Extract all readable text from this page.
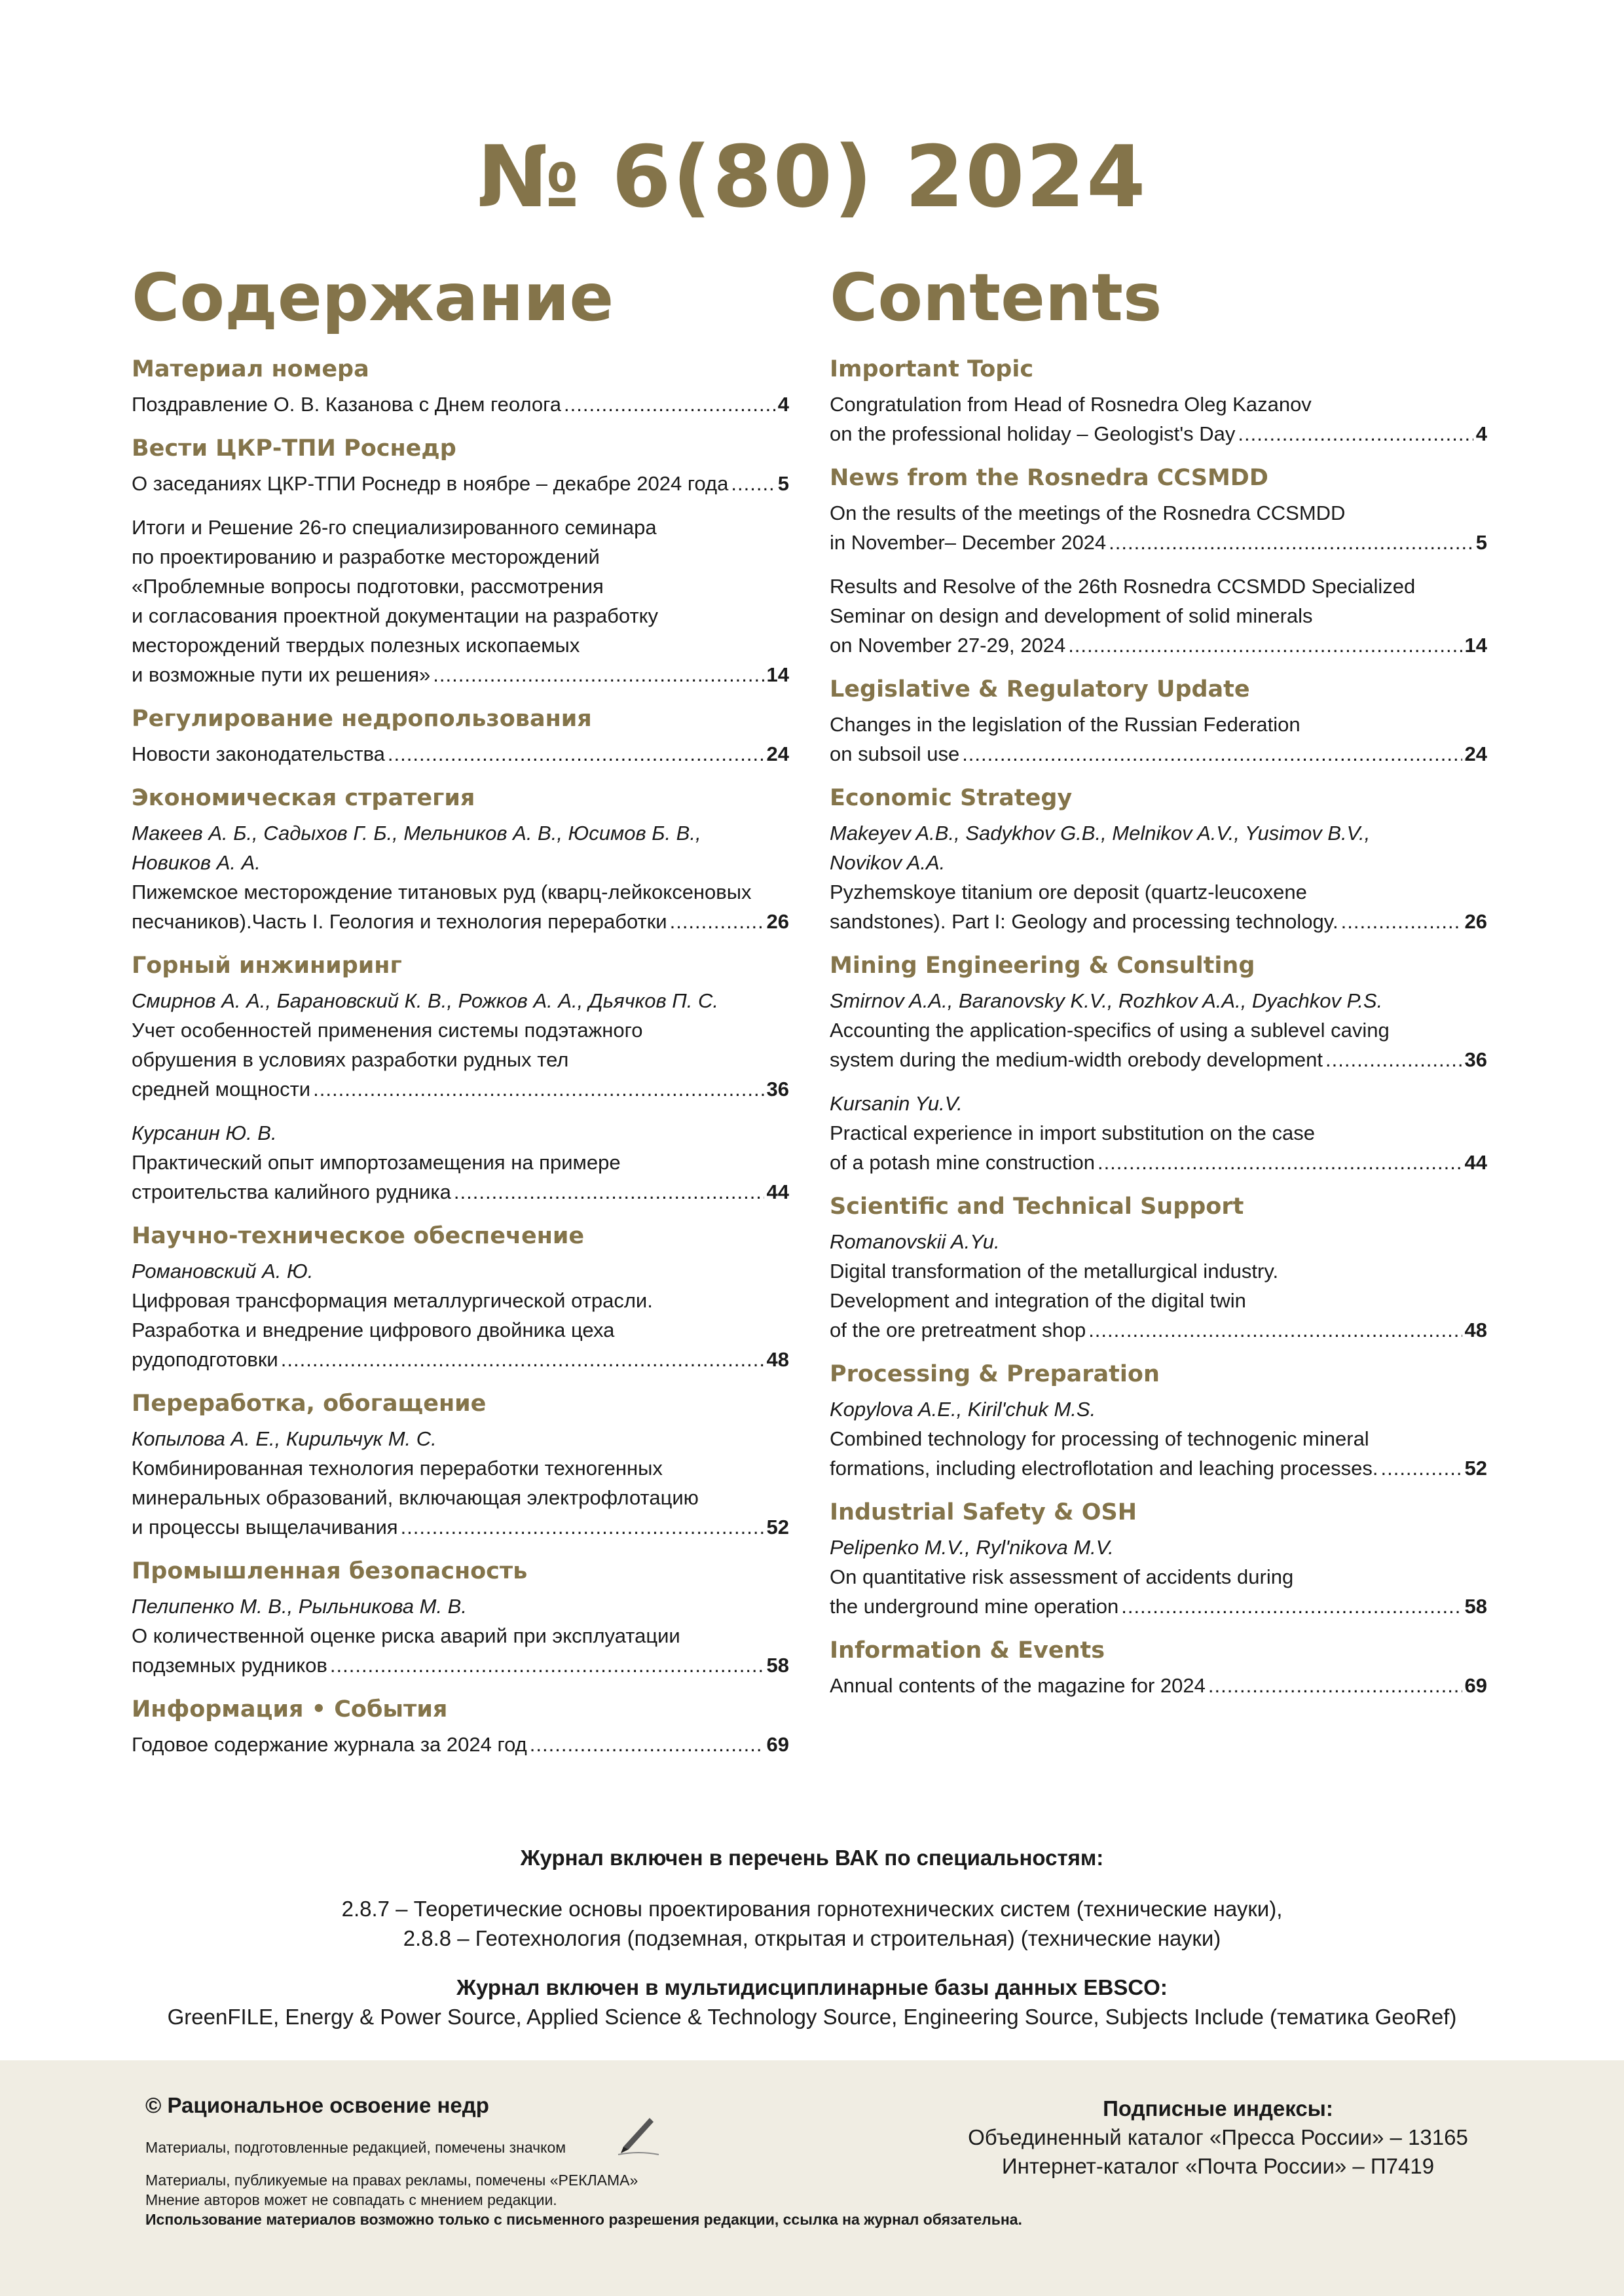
№ 6(80) 2024
Содержание
Материал номера
Поздравление О. В. Казанова с Днем геолога .....	4
Вести ЦКР-ТПИ Роснедр
О заседаниях ЦКР-ТПИ Роснедр в ноябре – декабре 2024 года ..... 5
Итоги и Решение 26-го специализированного семинара
по проектированию и разработке месторождений
«Проблемные вопросы подготовки, рассмотрения
и согласования проектной документации на разработку
месторождений твердых полезных ископаемых
и возможные пути их решения» .....	14
Регулирование недропользования
Новости законодательства .....	24
Экономическая стратегия
Макеев А. Б., Садыхов Г. Б., Мельников А. В., Юсимов Б. В.,
Новиков А. А.
Пижемское месторождение титановых руд (кварц-лейкоксеновых
песчаников).Часть I. Геология и технология переработки .....	26
Горный инжиниринг
Смирнов А. А., Барановский К. В., Рожков А. А., Дьячков П. С.
Учет особенностей применения системы подэтажного
обрушения в условиях разработки рудных тел
средней мощности .....	36
Курсанин Ю. В.
Практический опыт импортозамещения на примере
строительства калийного рудника .....	44
Научно-техническое обеспечение
Романовский А. Ю.
Цифровая трансформация металлургической отрасли.
Разработка и внедрение цифрового двойника цеха
рудоподготовки .....	48
Переработка, обогащение
Копылова А. Е., Кирильчук М. С.
Комбинированная технология переработки техногенных
минеральных образований, включающая электрофлотацию
и процессы выщелачивания .....	52
Промышленная безопасность
Пелипенко М. В., Рыльникова М. В.
О количественной оценке риска аварий при эксплуатации
подземных рудников .....	58
Информация • События
Годовое содержание журнала за 2024 год .....	69
Contents
Important Topic
Congratulation from Head of Rosnedra Oleg Kazanov
on the professional holiday – Geologist's Day .....	4
News from the Rosnedra CCSMDD
On the results of the meetings of the Rosnedra CCSMDD
in November– December 2024 .....	5
Results and Resolve of the 26th Rosnedra CCSMDD Specialized
Seminar on design and development of solid minerals
on November 27-29, 2024 .....	14
Legislative & Regulatory Update
Changes in the legislation of the Russian Federation
on subsoil use .....	24
Economic Strategy
Makeyev A.B., Sadykhov G.B., Melnikov A.V., Yusimov B.V.,
Novikov A.A.
Pyzhemskoye titanium ore deposit (quartz-leucoxene
sandstones). Part I: Geology and processing technology. .....	26
Mining Engineering & Consulting
Smirnov A.A., Baranovsky K.V., Rozhkov A.A., Dyachkov P.S.
Accounting the application-specifics of using a sublevel caving
system during the medium-width orebody development .....	36
Kursanin Yu.V.
Practical experience in import substitution on the case
of a potash mine construction .....	44
Scientific and Technical Support
Romanovskii A.Yu.
Digital transformation of the metallurgical industry.
Development and integration of the digital twin
of the ore pretreatment shop .....	48
Processing & Preparation
Kopylova A.E., Kiril'chuk M.S.
Combined technology for processing of technogenic mineral
formations, including electroflotation and leaching processes. .....	52
Industrial Safety & OSH
Pelipenko M.V., Ryl'nikova M.V.
On quantitative risk assessment of accidents during
the underground mine operation .....	58
Information & Events
Annual contents of the magazine for 2024 .....	69
Журнал включен в перечень ВАК по специальностям:
2.8.7 – Теоретические основы проектирования горнотехнических систем (технические науки),
2.8.8 – Геотехнология (подземная, открытая и строительная) (технические науки)
Журнал включен в мультидисциплинарные базы данных EBSCO:
GreenFILE, Energy & Power Source, Applied Science & Technology Source, Engineering Source, Subjects Include (тематика GeoRef)
© Рациональное освоение недр
Материалы, подготовленные редакцией, помечены значком
Материалы, публикуемые на правах рекламы, помечены «РЕКЛАМА»
Мнение авторов может не совпадать с мнением редакции.
Использование материалов возможно только с письменного разрешения редакции, ссылка на журнал обязательна.
Подписные индексы:
Объединенный каталог «Пресса России» – 13165
Интернет-каталог «Почта России» – П7419
